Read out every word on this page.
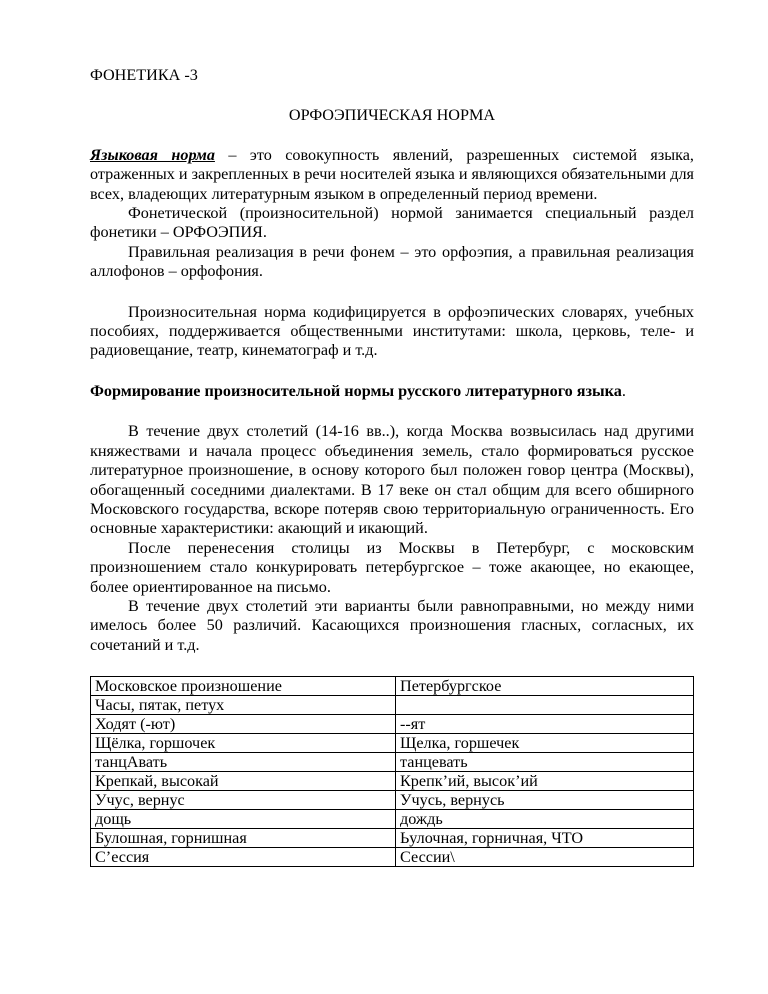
ФОНЕТИКА -3
ОРФОЭПИЧЕСКАЯ НОРМА

Языковая норма – это совокупность явлений, разрешенных системой языка, отраженных и закрепленных в речи носителей языка и являющихся обязательными для всех, владеющих литературным языком в определенный период времени.

Фонетической (произносительной) нормой занимается специальный раздел фонетики – ОРФОЭПИЯ.

Правильная реализация в речи фонем – это орфоэпия, а правильная реализация аллофонов – орфофония.

Произносительная норма кодифицируется в орфоэпических словарях, учебных пособиях, поддерживается общественными институтами: школа, церковь, теле- и радиовещание, театр, кинематограф и т.д.

Формирование произносительной нормы русского литературного языка.

В течение двух столетий (14-16 вв..), когда Москва возвысилась над другими княжествами и начала процесс объединения земель, стало формироваться русское литературное произношение, в основу которого был положен говор центра (Москвы), обогащенный соседними диалектами. В 17 веке он стал общим для всего обширного Московского государства, вскоре потеряв свою территориальную ограниченность. Его основные характеристики: акающий и икающий.

После перенесения столицы из Москвы в Петербург, с московским произношением стало конкурировать петербургское – тоже акающее, но екающее, более ориентированное на письмо.

В течение двух столетий эти варианты были равноправными, но между ними имелось более 50 различий. Касающихся произношения гласных, согласных, их сочетаний и т.д.

Московское произношение	Петербургское
Часы, пятак, петух	
Ходят (-ют)	--ят
Щёлка, горшочек	Щелка, горшечек
танцАвать	танцевать
Крепкай, высокай	Крепк’ий, высок’ий
Учус, вернус	Учусь, вернусь
дощь	дождь
Булошная, горнишная	Ьулочная, горничная, ЧТО
С’ессия	Сессии\
